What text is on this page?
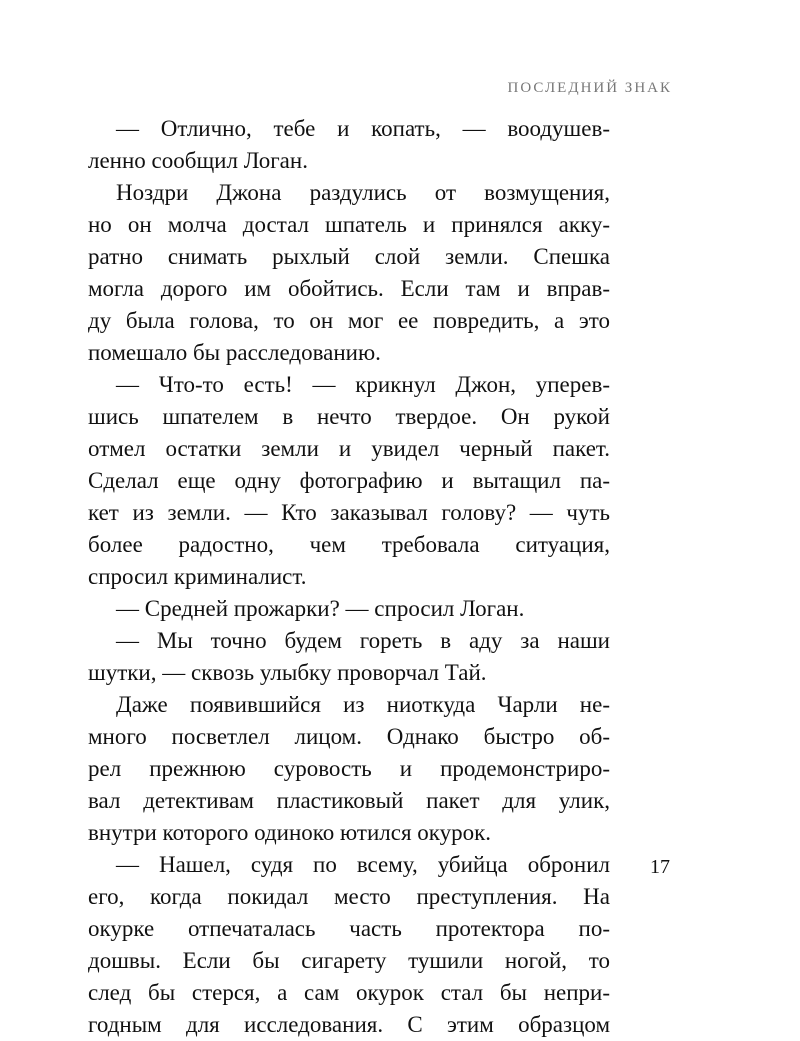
ПОСЛЕДНИЙ ЗНАК
— Отлично, тебе и копать, — воодушев-
ленно сообщил Логан.
Ноздри Джона раздулись от возмущения,
но он молча достал шпатель и принялся акку-
ратно снимать рыхлый слой земли. Спешка
могла дорого им обойтись. Если там и вправ-
ду была голова, то он мог ее повредить, а это
помешало бы расследованию.
— Что-то есть! — крикнул Джон, уперев-
шись шпателем в нечто твердое. Он рукой
отмел остатки земли и увидел черный пакет.
Сделал еще одну фотографию и вытащил па-
кет из земли. — Кто заказывал голову? — чуть
более радостно, чем требовала ситуация,
спросил криминалист.
— Средней прожарки? — спросил Логан.
— Мы точно будем гореть в аду за наши
шутки, — сквозь улыбку проворчал Тай.
Даже появившийся из ниоткуда Чарли не-
много посветлел лицом. Однако быстро об-
рел прежнюю суровость и продемонстриро-
вал детективам пластиковый пакет для улик,
внутри которого одиноко ютился окурок.
— Нашел, судя по всему, убийца обронил
его, когда покидал место преступления. На
окурке отпечаталась часть протектора по-
дошвы. Если бы сигарету тушили ногой, то
след бы стерся, а сам окурок стал бы непри-
годным для исследования. С этим образцом
17
